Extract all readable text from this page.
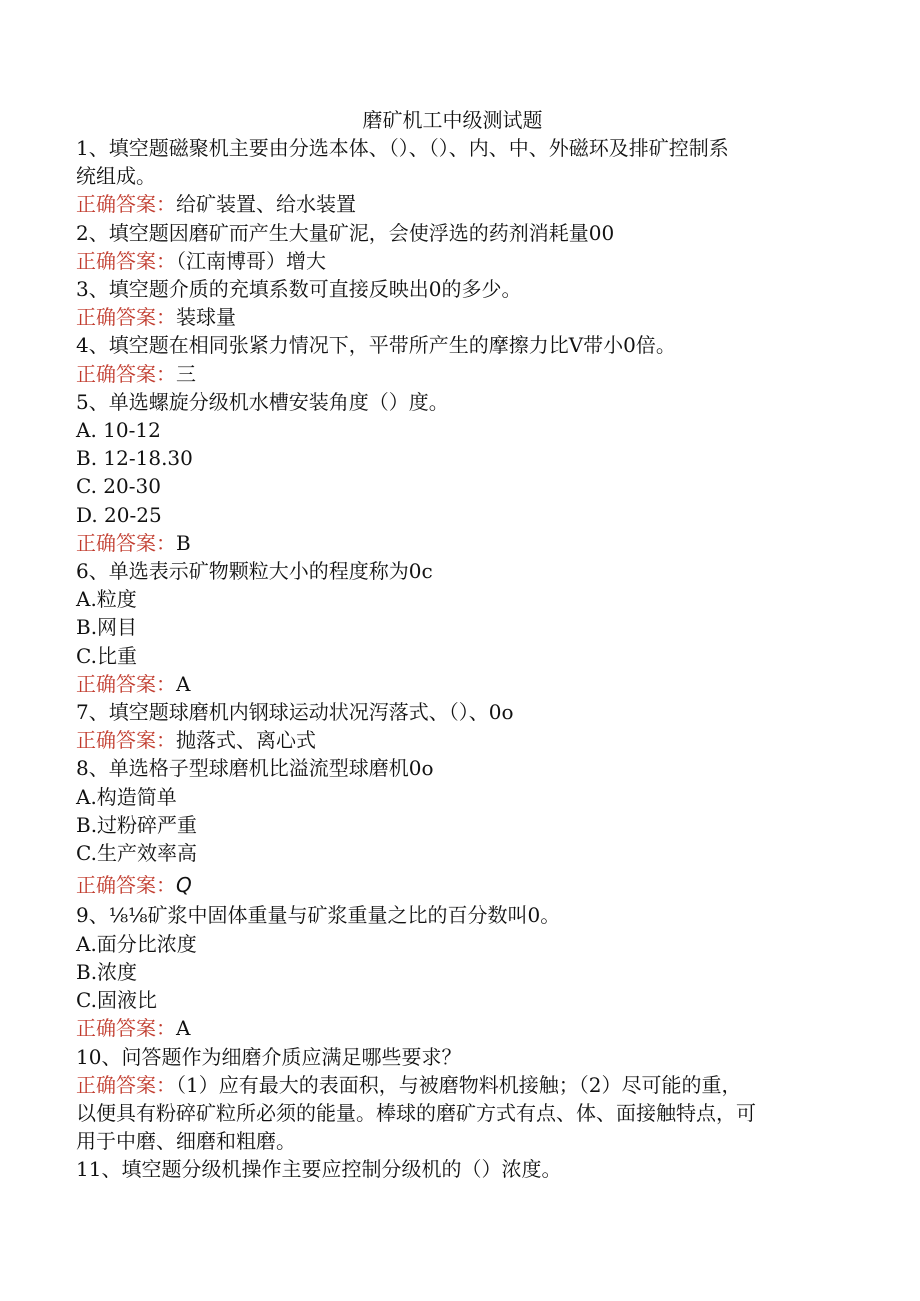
磨矿机工中级测试题

1、填空题磁聚机主要由分选本体、（）、（）、内、中、外磁环及排矿控制系

统组成。

正确答案：给矿装置、给水装置

2、填空题因磨矿而产生大量矿泥，会使浮选的药剂消耗量00

正确答案：（江南博哥）增大

3、填空题介质的充填系数可直接反映出0的多少。

正确答案：装球量

4、填空题在相同张紧力情况下，平带所产生的摩擦力比V带小0倍。

正确答案：三

5、单选螺旋分级机水槽安装角度（）度。

A. 10-12

B. 12-18.30

C. 20-30

D. 20-25

正确答案：B

6、单选表示矿物颗粒大小的程度称为0c

A.粒度

B.网目

C.比重

正确答案：A

7、填空题球磨机内钢球运动状况泻落式、（）、0o

正确答案：抛落式、离心式

8、单选格子型球磨机比溢流型球磨机0o

A.构造简单

B.过粉碎严重

C.生产效率高

正确答案：Q

9、⅛⅛矿浆中固体重量与矿浆重量之比的百分数叫0。

A.面分比浓度

B.浓度

C.固液比

正确答案：A

10、问答题作为细磨介质应满足哪些要求？

正确答案：（1）应有最大的表面积，与被磨物料机接触；（2）尽可能的重，

以便具有粉碎矿粒所必须的能量。棒球的磨矿方式有点、体、面接触特点，可

用于中磨、细磨和粗磨。

11、填空题分级机操作主要应控制分级机的（）浓度。
